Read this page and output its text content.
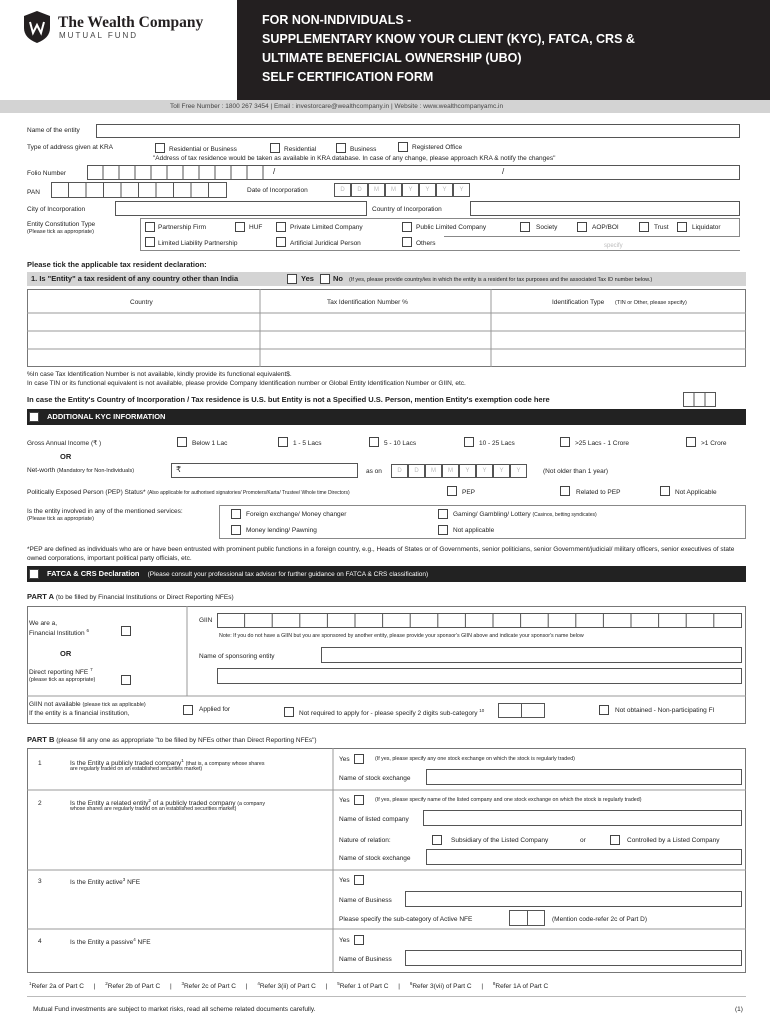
The Wealth Company
MUTUAL FUND
FOR NON-INDIVIDUALS -
SUPPLEMENTARY KNOW YOUR CLIENT (KYC), FATCA, CRS &
ULTIMATE BENEFICIAL OWNERSHIP (UBO)
SELF CERTIFICATION FORM
Toll Free Number : 1800 267 3454 | Email : investorcare@wealthcompany.in | Website : www.wealthcompanyamc.in
Name of the entity
Type of address given at KRA	Residential or Business	Residential	Business	Registered Office
"Address of tax residence would be taken as available in KRA database. In case of any change, please approach KRA & notify the changes"
Folio Number	/	/
PAN	Date of Incorporation	D	D	M	M	Y	Y	Y	Y
City of Incorporation	Country of Incorporation
Entity Constitution Type
(Please tick as appropriate)
Partnership Firm	HUF	Private Limited Company	Public Limited Company	Society	AOP/BOI	Trust	Liquidator
Limited Liability Partnership	Artificial Juridical Person	Others	specify
Please tick the applicable tax resident declaration:
1. Is "Entity" a tax resident of any country other than India	Yes	No (If yes, please provide country/ies in which the entity is a resident for tax purposes and the associated Tax ID number below.)
Country	Tax Identification Number %	Identification Type (TIN or Other, please specify)
%In case Tax Identification Number is not available, kindly provide its functional equivalent$.
In case TIN or its functional equivalent is not available, please provide Company Identification number or Global Entity Identification Number or GIIN, etc.
In case the Entity's Country of Incorporation / Tax residence is U.S. but Entity is not a Specified U.S. Person, mention Entity's exemption code here
ADDITIONAL KYC INFORMATION
Gross Annual Income (₹ )	Below 1 Lac	1 - 5 Lacs	5 - 10 Lacs	10 - 25 Lacs	>25 Lacs - 1 Crore	>1 Crore
OR
Net-worth (Mandatory for Non-Individuals)	₹	as on	D	D	M	M	Y	Y	Y	Y	(Not older than 1 year)
Politically Exposed Person (PEP) Status* (Also applicable for authorised signatories/ Promoters/Karta/ Trustee/ Whole time Directors)	PEP	Related to PEP	Not Applicable
Is the entity involved in any of the mentioned services:
(Please tick as appropriate)
Foreign exchange/ Money changer	Gaming/ Gambling/ Lottery (Casinos, betting syndicates)
Money lending/ Pawning	Not applicable
*PEP are defined as individuals who are or have been entrusted with prominent public functions in a foreign country, e.g., Heads of States or of Governments, senior politicians, senior Government/judicial/ military officers, senior executives of state owned corporations, important political party officials, etc.
FATCA & CRS Declaration (Please consult your professional tax advisor for further guidance on FATCA & CRS classification)
PART A (to be filled by Financial Institutions or Direct Reporting NFEs)
We are a,
Financial Institution $^6$
GIIN
Note: If you do not have a GIIN but you are sponsored by another entity, please provide your sponsor's GIIN above and indicate your sponsor's name below
OR	Name of sponsoring entity
Direct reporting NFE $^7$
(please tick as appropriate)
GIIN not available (please tick as applicable)
If the entity is a financial institution,
Applied for
Not required to apply for - please specify 2 digits sub-category $^{10}$	Not obtained - Non-participating FI
PART B (please fill any one as appropriate "to be filled by NFEs other than Direct Reporting NFEs")
1	Is the Entity a publicly traded company$^1$ (that is, a company whose shares
are regularly traded on an established securities market)
Yes	(If yes, please specify any one stock exchange on which the stock is regularly traded)
Name of stock exchange
2	Is the Entity a related entity$^2$ of a publicly traded company (a company
whose shares are regularly traded on an established securities market)
Yes	(If yes, please specify name of the listed company and one stock exchange on which the stock is regularly traded)
Name of listed company
Nature of relation:	Subsidiary of the Listed Company	or	Controlled by a Listed Company
Name of stock exchange
3	Is the Entity active$^3$ NFE	Yes
Name of Business
Please specify the sub-category of Active NFE	(Mention code-refer 2c of Part D)
4	Is the Entity a passive$^4$ NFE	Yes
Name of Business
$^1$Refer 2a of Part C | $^2$Refer 2b of Part C | $^3$Refer 2c of Part C | $^4$Refer 3(ii) of Part C | $^5$Refer 1 of Part C | $^6$Refer 3(vii) of Part C | $^8$Refer 1A of Part C
Mutual Fund investments are subject to market risks, read all scheme related documents carefully.	(1)
